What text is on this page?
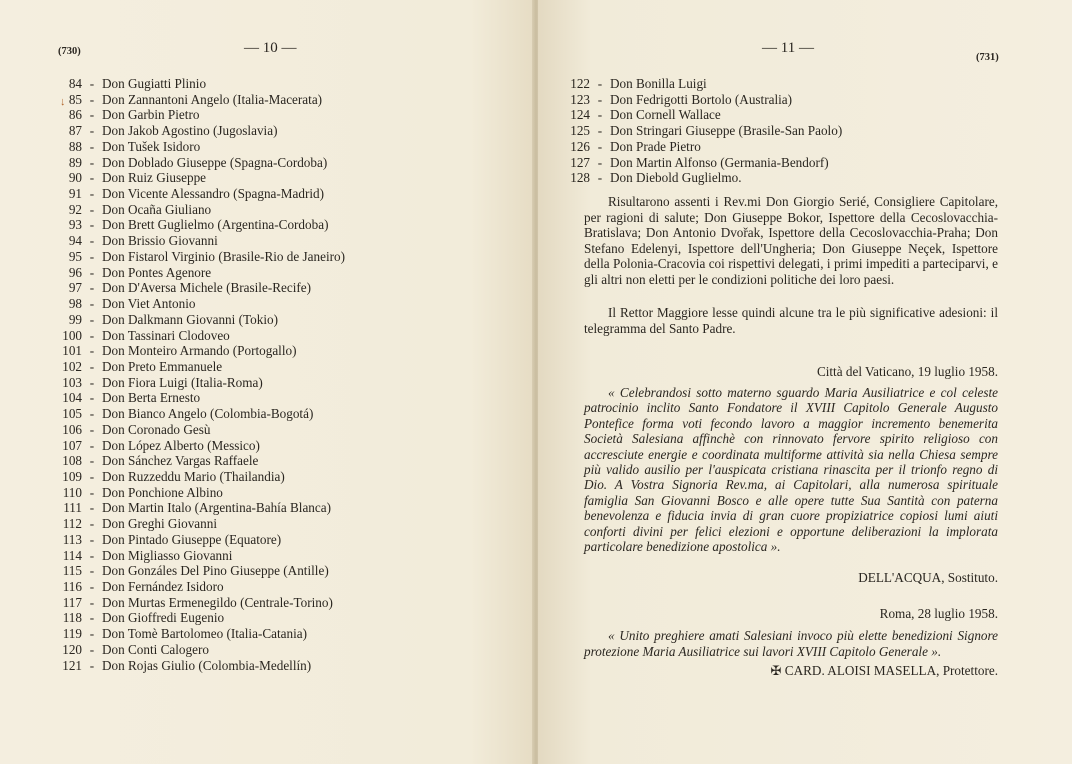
(730)	— 10 —
↓
84 - Don Gugiatti Plinio
85 - Don Zannantoni Angelo (Italia-Macerata)
86 - Don Garbin Pietro
87 - Don Jakob Agostino (Jugoslavia)
88 - Don Tušek Isidoro
89 - Don Doblado Giuseppe (Spagna-Cordoba)
90 - Don Ruiz Giuseppe
91 - Don Vicente Alessandro (Spagna-Madrid)
92 - Don Ocaña Giuliano
93 - Don Brett Guglielmo (Argentina-Cordoba)
94 - Don Brissio Giovanni
95 - Don Fistarol Virginio (Brasile-Rio de Janeiro)
96 - Don Pontes Agenore
97 - Don D'Aversa Michele (Brasile-Recife)
98 - Don Viet Antonio
99 - Don Dalkmann Giovanni (Tokio)
100 - Don Tassinari Clodoveo
101 - Don Monteiro Armando (Portogallo)
102 - Don Preto Emmanuele
103 - Don Fiora Luigi (Italia-Roma)
104 - Don Berta Ernesto
105 - Don Bianco Angelo (Colombia-Bogotá)
106 - Don Coronado Gesù
107 - Don López Alberto (Messico)
108 - Don Sánchez Vargas Raffaele
109 - Don Ruzzeddu Mario (Thailandia)
110 - Don Ponchione Albino
111 - Don Martin Italo (Argentina-Bahía Blanca)
112 - Don Greghi Giovanni
113 - Don Pintado Giuseppe (Equatore)
114 - Don Migliasso Giovanni
115 - Don Gonzáles Del Pino Giuseppe (Antille)
116 - Don Fernández Isidoro
117 - Don Murtas Ermenegildo (Centrale-Torino)
118 - Don Gioffredi Eugenio
119 - Don Tomè Bartolomeo (Italia-Catania)
120 - Don Conti Calogero
121 - Don Rojas Giulio (Colombia-Medellín)
— 11 —
(731)
122 - Don Bonilla Luigi
123 - Don Fedrigotti Bortolo (Australia)
124 - Don Cornell Wallace
125 - Don Stringari Giuseppe (Brasile-San Paolo)
126 - Don Prade Pietro
127 - Don Martin Alfonso (Germania-Bendorf)
128 - Don Diebold Guglielmo.

Risultarono assenti i Rev.mi Don Giorgio Serié, Consigliere Capitolare, per ragioni di salute; Don Giuseppe Bokor, Ispettore della Cecoslovacchia-Bratislava; Don Antonio Dvořak, Ispettore della Cecoslovacchia-Praha; Don Stefano Edelenyi, Ispettore dell'Ungheria; Don Giuseppe Neçek, Ispettore della Polonia-Cracovia coi rispettivi delegati, i primi impediti a parteciparvi, e gli altri non eletti per le condizioni politiche dei loro paesi.

Il Rettor Maggiore lesse quindi alcune tra le più significative adesioni: il telegramma del Santo Padre.

Città del Vaticano, 19 luglio 1958.

« Celebrandosi sotto materno sguardo Maria Ausiliatrice e col celeste patrocinio inclito Santo Fondatore il XVIII Capitolo Generale Augusto Pontefice forma voti fecondo lavoro a maggior incremento benemerita Società Salesiana affinchè con rinnovato fervore spirito religioso con accresciute energie e coordinata multiforme attività sia nella Chiesa sempre più valido ausilio per l'auspicata cristiana rinascita per il trionfo regno di Dio. A Vostra Signoria Rev.ma, ai Capitolari, alla numerosa spirituale famiglia San Giovanni Bosco e alle opere tutte Sua Santità con paterna benevolenza e fiducia invia di gran cuore propiziatrice copiosi lumi aiuti conforti divini per felici elezioni e opportune deliberazioni la implorata particolare benedizione apostolica ».

DELL'ACQUA, Sostituto.

Roma, 28 luglio 1958.

« Unito preghiere amati Salesiani invoco più elette benedizioni Signore protezione Maria Ausiliatrice sui lavori XVIII Capitolo Generale ».

✠ CARD. ALOISI MASELLA, Protettore.
